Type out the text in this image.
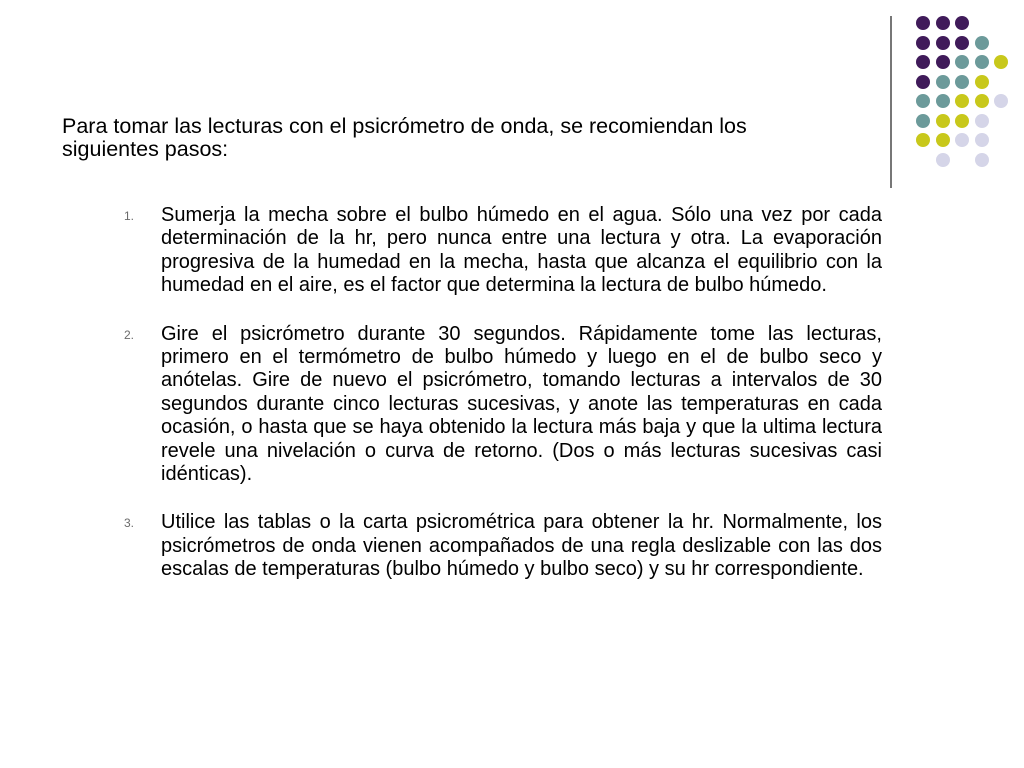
Para tomar las lecturas con el psicrómetro de onda, se recomiendan los siguientes pasos:
1. Sumerja la mecha sobre el bulbo húmedo en el agua. Sólo una vez por cada determinación de la hr, pero nunca entre una lectura y otra. La evaporación progresiva de la humedad en la mecha, hasta que alcanza el equilibrio con la humedad en el aire, es el factor que determina la lectura de bulbo húmedo.
2. Gire el psicrómetro durante 30 segundos. Rápidamente tome las lecturas, primero en el termómetro de bulbo húmedo y luego en el de bulbo seco y anótelas. Gire de nuevo el psicrómetro, tomando lecturas a intervalos de 30 segundos durante cinco lecturas sucesivas, y anote las temperaturas en cada ocasión, o hasta que se haya obtenido la lectura más baja y que la ultima lectura revele una nivelación o curva de retorno. (Dos o más lecturas sucesivas casi idénticas).
3. Utilice las tablas o la carta psicrométrica para obtener la hr. Normalmente, los psicrómetros de onda vienen acompañados de una regla deslizable con las dos escalas de temperaturas (bulbo húmedo y bulbo seco) y su hr correspondiente.
